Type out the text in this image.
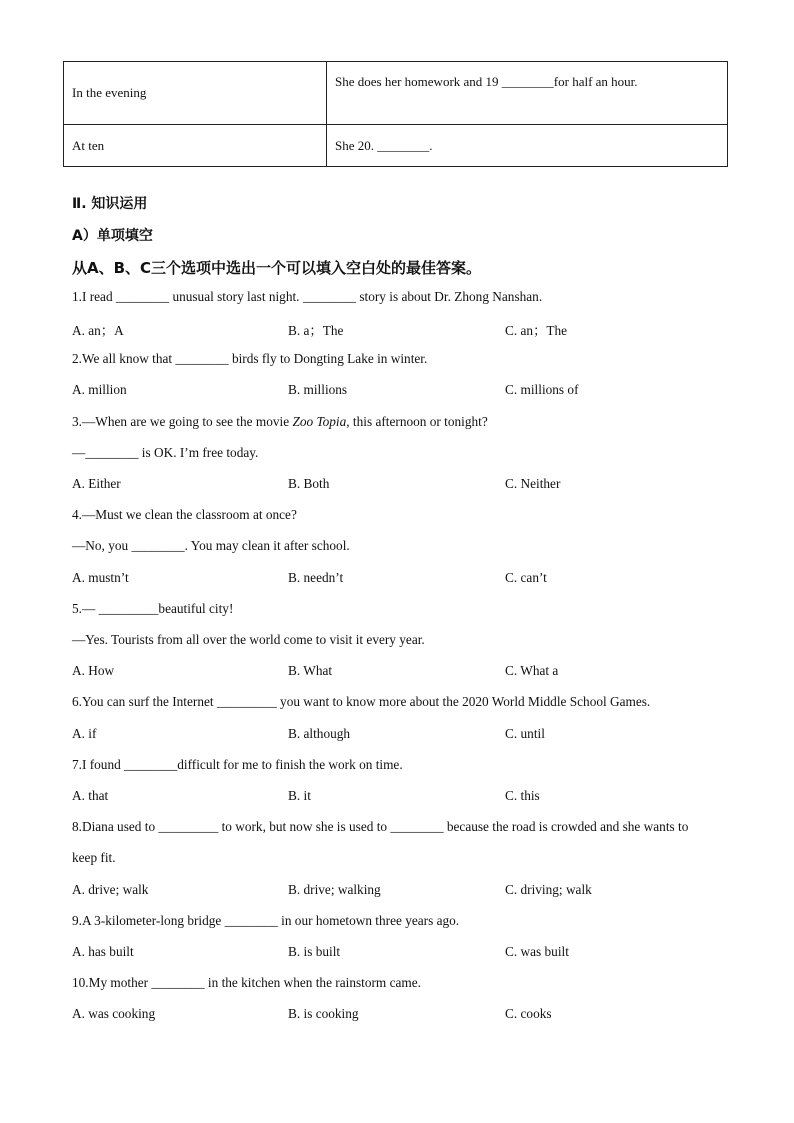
In the evening	She does her homework and 19 ________for half an hour.
At ten	She 20. ________.
Ⅱ. 知识运用
A）单项填空
从A、B、C三个选项中选出一个可以填入空白处的最佳答案。
1.I read ________ unusual story last night. ________ story is about Dr. Zhong Nanshan.
A. an；A	B. a；The	C. an；The
2.We all know that ________ birds fly to Dongting Lake in winter.
A. million	B. millions	C. millions of
3.—When are we going to see the movie Zoo Topia, this afternoon or tonight?
—________ is OK. I’m free today.
A. Either	B. Both	C. Neither
4.—Must we clean the classroom at once?
—No, you ________. You may clean it after school.
A. mustn’t	B. needn’t	C. can’t
5.— _________beautiful city!
—Yes. Tourists from all over the world come to visit it every year.
A. How	B. What	C. What a
6.You can surf the Internet _________ you want to know more about the 2020 World Middle School Games.
A. if	B. although	C. until
7.I found ________difficult for me to finish the work on time.
A. that	B. it	C. this
8.Diana used to _________ to work, but now she is used to ________ because the road is crowded and she wants to
keep fit.
A. drive; walk	B. drive; walking	C. driving; walk
9.A 3-kilometer-long bridge ________ in our hometown three years ago.
A. has built	B. is built	C. was built
10.My mother ________ in the kitchen when the rainstorm came.
A. was cooking	B. is cooking	C. cooks
